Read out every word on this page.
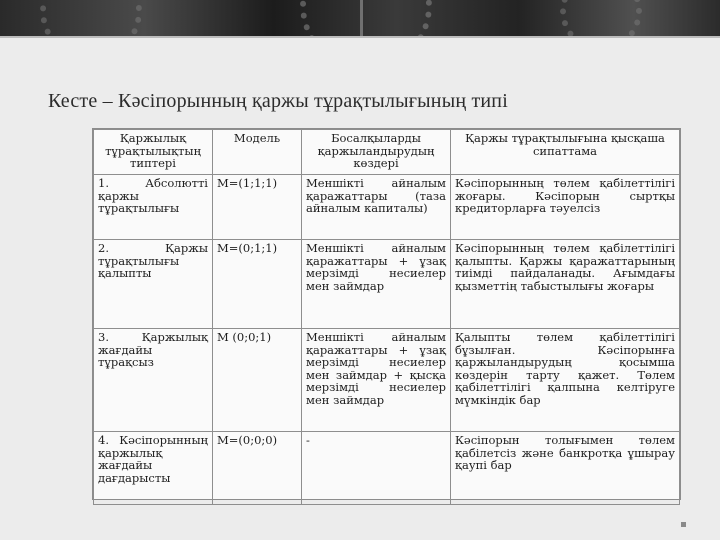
Кесте – Кәсіпорынның қаржы тұрақтылығының типі
Қаржылық тұрақтылықтың типтері	Модель	Босалқыларды қаржыландырудың көздері	Қаржы тұрақтылығына қысқаша сипаттама
1. Абсолютті қаржы тұрақтылығы	М=(1;1;1)	Меншікті айналым қаражаттары (таза айналым капиталы)	Кәсіпорынның төлем қабілеттілігі жоғары. Кәсіпорын сыртқы кредиторларға тәуелсіз
2. Қаржы тұрақтылығы қалыпты	М=(0;1;1)	Меншікті айналым қаражаттары + ұзақ мерзімді несиелер мен займдар	Кәсіпорынның төлем қабілеттілігі қалыпты. Қаржы қаражаттарының тиімді пайдаланады. Ағымдағы қызметтің табыстылығы жоғары
3. Қаржылық жағдайы тұрақсыз	М (0;0;1)	Меншікті айналым қаражаттары + ұзақ мерзімді несиелер мен займдар + қысқа мерзімді несиелер мен займдар	Қалыпты төлем қабілеттілігі бұзылған. Кәсіпорынға қаржыландырудың қосымша көздерін тарту қажет. Төлем қабілеттілігі қалпына келтіруге мүмкіндік бар
4. Кәсіпорынның қаржылық жағдайы дағдарысты	М=(0;0;0)	-	Кәсіпорын толығымен төлем қабілетсіз және банкротқа ұшырау қаупі бар
